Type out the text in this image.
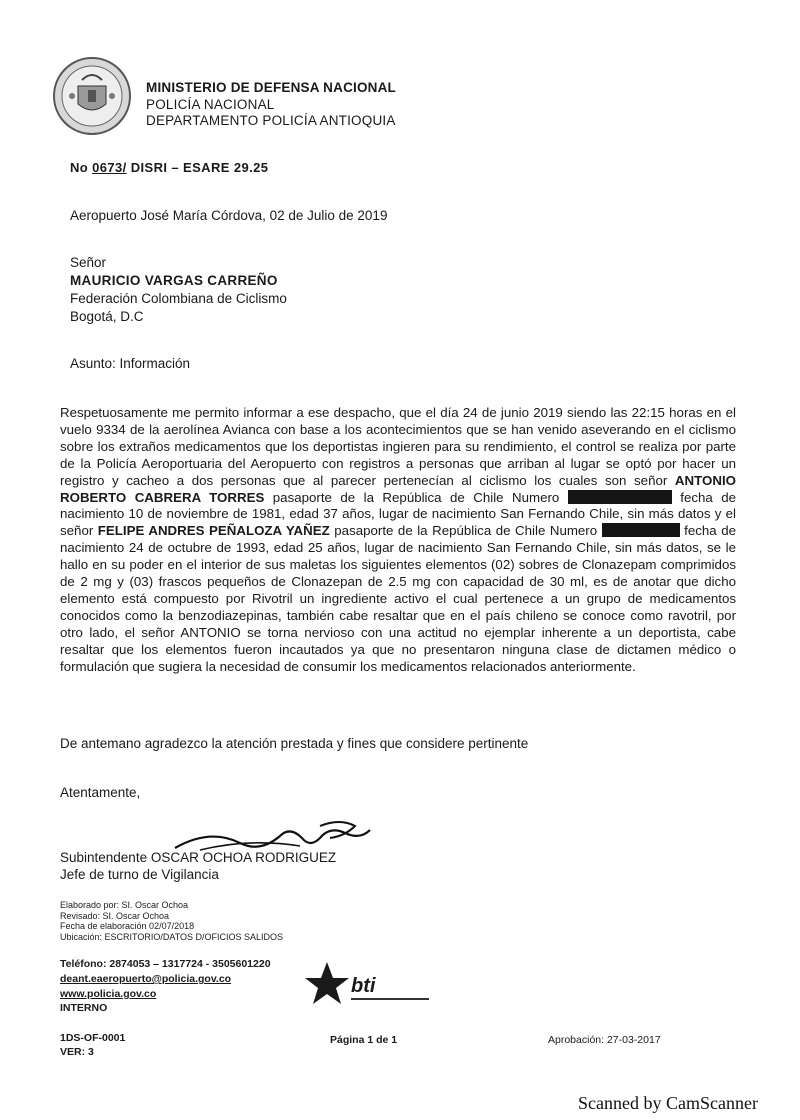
MINISTERIO DE DEFENSA NACIONAL
POLICÍA NACIONAL
DEPARTAMENTO POLICÍA ANTIOQUIA
No 0673/ DISRI – ESARE 29.25
Aeropuerto José María Córdova, 02 de Julio de 2019
Señor
MAURICIO VARGAS CARREÑO
Federación Colombiana de Ciclismo
Bogotá, D.C
Asunto: Información
Respetuosamente me permito informar a ese despacho, que el día 24 de junio 2019 siendo las 22:15 horas en el vuelo 9334 de la aerolínea Avianca con base a los acontecimientos que se han venido aseverando en el ciclismo sobre los extraños medicamentos que los deportistas ingieren para su rendimiento, el control se realiza por parte de la Policía Aeroportuaria del Aeropuerto con registros a personas que arriban al lugar se optó por hacer un registro y cacheo a dos personas que al parecer pertenecían al ciclismo los cuales son señor ANTONIO ROBERTO CABRERA TORRES pasaporte de la República de Chile Numero	fecha de nacimiento 10 de noviembre de 1981, edad 37 años, lugar de nacimiento San Fernando Chile, sin más datos y el señor FELIPE ANDRES PEÑALOZA YAÑEZ pasaporte de la República de Chile Numero	fecha de nacimiento 24 de octubre de 1993, edad 25 años, lugar de nacimiento San Fernando Chile, sin más datos, se le hallo en su poder en el interior de sus maletas los siguientes elementos (02) sobres de Clonazepam comprimidos de 2 mg y (03) frascos pequeños de Clonazepan de 2.5 mg con capacidad de 30 ml, es de anotar que dicho elemento está compuesto por Rivotril un ingrediente activo el cual pertenece a un grupo de medicamentos conocidos como la benzodiazepinas, también cabe resaltar que en el país chileno se conoce como ravotril, por otro lado, el señor ANTONIO se torna nervioso con una actitud no ejemplar inherente a un deportista, cabe resaltar que los elementos fueron incautados ya que no presentaron ninguna clase de dictamen médico o formulación que sugiera la necesidad de consumir los medicamentos relacionados anteriormente.
De antemano agradezco la atención prestada y fines que considere pertinente
Atentamente,
Subintendente OSCAR OCHOA RODRIGUEZ
Jefe de turno de Vigilancia
Elaborado por: SI. Oscar Ochoa
Revisado: SI. Oscar Ochoa
Fecha de elaboración 02/07/2018
Ubicación: ESCRITORIO/DATOS D/OFICIOS SALIDOS
Teléfono: 2874053 – 1317724 - 3505601220
deant.eaeropuerto@policia.gov.co
www.policia.gov.co
INTERNO
bti
1DS-OF-0001
VER: 3
Página 1 de 1	Aprobación: 27-03-2017
Scanned by CamScanner
